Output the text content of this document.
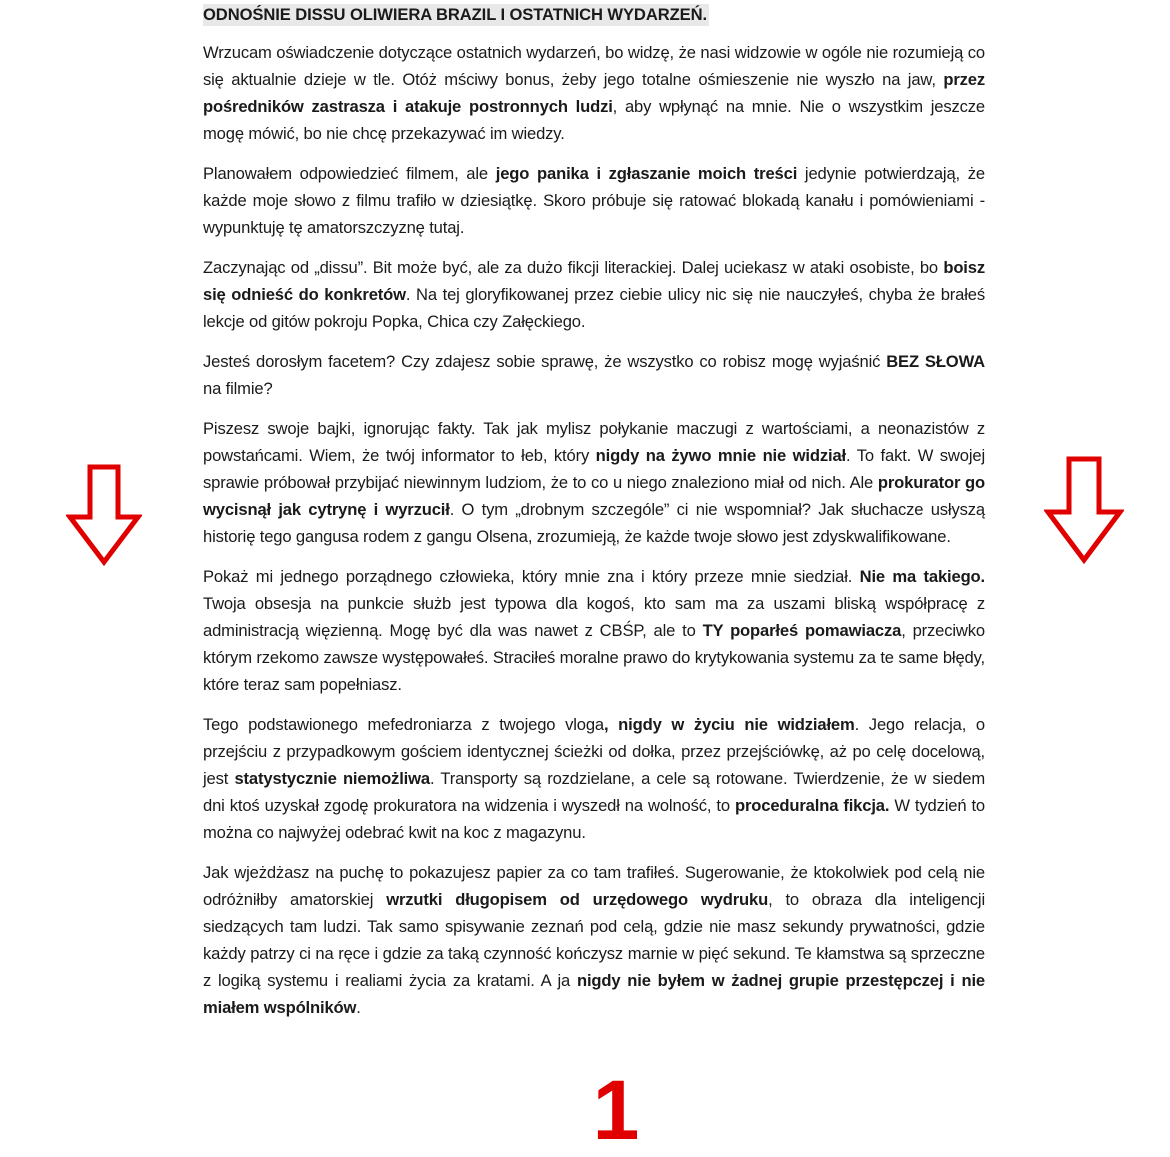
ODNOŚNIE DISSU OLIWIERA BRAZIL I OSTATNICH WYDARZEŃ.

Wrzucam oświadczenie dotyczące ostatnich wydarzeń, bo widzę, że nasi widzowie w ogóle nie rozumieją co się aktualnie dzieje w tle. Otóż mściwy bonus, żeby jego totalne ośmieszenie nie wyszło na jaw, przez pośredników zastrasza i atakuje postronnych ludzi, aby wpłynąć na mnie. Nie o wszystkim jeszcze mogę mówić, bo nie chcę przekazywać im wiedzy.

Planowałem odpowiedzieć filmem, ale jego panika i zgłaszanie moich treści jedynie potwierdzają, że każde moje słowo z filmu trafiło w dziesiątkę. Skoro próbuje się ratować blokadą kanału i pomówieniami - wypunktuję tę amatorszczyznę tutaj.

Zaczynając od „dissu”. Bit może być, ale za dużo fikcji literackiej. Dalej uciekasz w ataki osobiste, bo boisz się odnieść do konkretów. Na tej gloryfikowanej przez ciebie ulicy nic się nie nauczyłeś, chyba że brałeś lekcje od gitów pokroju Popka, Chica czy Załęckiego.

Jesteś dorosłym facetem? Czy zdajesz sobie sprawę, że wszystko co robisz mogę wyjaśnić BEZ SŁOWA na filmie?

Piszesz swoje bajki, ignorując fakty. Tak jak mylisz połykanie maczugi z wartościami, a neonazistów z powstańcami. Wiem, że twój informator to łeb, który nigdy na żywo mnie nie widział. To fakt. W swojej sprawie próbował przybijać niewinnym ludziom, że to co u niego znaleziono miał od nich. Ale prokurator go wycisnął jak cytrynę i wyrzucił. O tym „drobnym szczególe” ci nie wspomniał? Jak słuchacze usłyszą historię tego gangusa rodem z gangu Olsena, zrozumieją, że każde twoje słowo jest zdyskwalifikowane.

Pokaż mi jednego porządnego człowieka, który mnie zna i który przeze mnie siedział. Nie ma takiego. Twoja obsesja na punkcie służb jest typowa dla kogoś, kto sam ma za uszami bliską współpracę z administracją więzienną. Mogę być dla was nawet z CBŚP, ale to TY poparłeś pomawiacza, przeciwko którym rzekomo zawsze występowałeś. Straciłeś moralne prawo do krytykowania systemu za te same błędy, które teraz sam popełniasz.

Tego podstawionego mefedroniarza z twojego vloga, nigdy w życiu nie widziałem. Jego relacja, o przejściu z przypadkowym gościem identycznej ścieżki od dołka, przez przejściówkę, aż po celę docelową, jest statystycznie niemożliwa. Transporty są rozdzielane, a cele są rotowane. Twierdzenie, że w siedem dni ktoś uzyskał zgodę prokuratora na widzenia i wyszedł na wolność, to proceduralna fikcja. W tydzień to można co najwyżej odebrać kwit na koc z magazynu.

Jak wjeżdżasz na puchę to pokazujesz papier za co tam trafiłeś. Sugerowanie, że ktokolwiek pod celą nie odróżniłby amatorskiej wrzutki długopisem od urzędowego wydruku, to obraza dla inteligencji siedzących tam ludzi. Tak samo spisywanie zeznań pod celą, gdzie nie masz sekundy prywatności, gdzie każdy patrzy ci na ręce i gdzie za taką czynność kończysz marnie w pięć sekund. Te kłamstwa są sprzeczne z logiką systemu i realiami życia za kratami. A ja nigdy nie byłem w żadnej grupie przestępczej i nie miałem wspólników.

1
